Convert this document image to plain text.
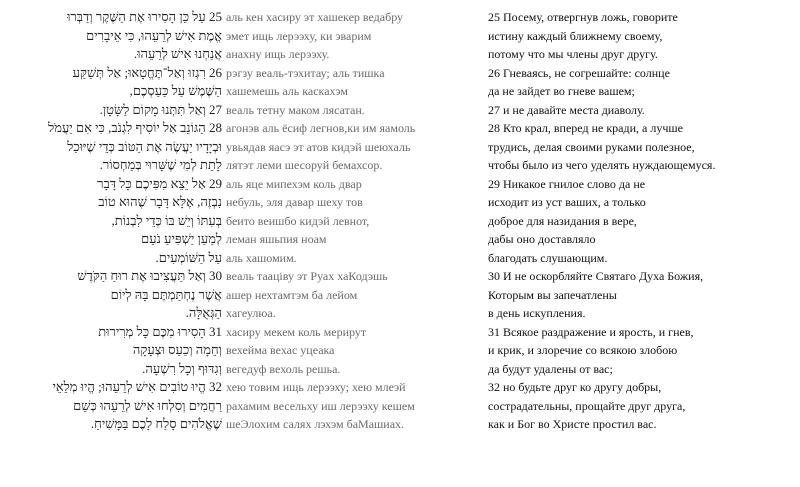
25 עַל כֵּן הָסִירוּ אֶת הַשֶּׁקֶר וְדַבְּרוּ
אֱמֶת אִישׁ לְרֵעֵהוּ, כִּי אֵיבָרִים
אֲנַחְנוּ אִישׁ לְרֵעֵהוּ.
26 רִגְזוּ וְאַל־תֶּחֱטָאוּ; אַל תְּשַׁקַּע
הַשֶּׁמֶשׁ עַל כַּעַסְכֶם,
27 וְאַל תִּתְּנוּ מָקוֹם לַשָּׂטָן.
28 הַגּוֹנֵב אַל יוֹסִיף לִגְנֹב, כִּי אִם יַעֲמֹל
וּבְיָדָיו יַעֲשֶׂה אֶת הַטּוֹב כְּדֵי שֶׁיּוּכַל
לָתֵת לְמִי שֶׁשָּׁרוּי בְּמַחְסוֹר.
29 אַל יֵצֵא מִפִּיכֶם כָּל דָּבָר
נִבְזֶה, אֶלָּא דָּבָר שֶׁהוּא טוֹב
בְּעִתּוֹ וְיֵשׁ בּוֹ כְּדֵי לִבְנוֹת,
לְמַעַן יַשְׁפִּיעַ נֹעַם
עַל הַשּׁוֹמְעִים.
30 וְאַל תַּעֲצִיבוּ אֶת רוּחַ הַקֹּדֶשׁ
אֲשֶׁר נֶחְתַּמְתֶּם בָּהּ לְיוֹם
הַגְּאֻלָּה.
31 הָסִירוּ מִכֶּם כָּל מְרִירוּת
וְחֵמָה וְכַעַס וּצְעָקָה
וְגִדּוּף וְכָל רִשְׁעָה.
32 הֱיוּ טוֹבִים אִישׁ לְרֵעֵהוּ; הֱיוּ מְלֵאֵי
רַחֲמִים וְסִלְחוּ אִישׁ לְרֵעֵהוּ כְּשֵׁם
שֶׁאֱלֹהִים סָלַח לָכֶם בַּמָּשִׁיחַ.
аль кен хасиру эт хашекер ведабру
эмет ищь лерээху, ки эварим
анахну ищь лерээху.
рэгзу веаль-тэхитау; аль тишка
хашемешь аль каскахэм
веаль тетну маком лясатан.
агонэв аль ёсиф легнов,ки им яамоль
увьядав яасэ эт атов кидэй шеюхаль
лятэт леми шесоруй бемахсор.
аль яце мипехэм коль двар
небуль, эля давар шеху тов
беито веишбо кидэй левнот,
леман яшьпия ноам
аль хашомим.
веаль тааціву эт Руах хаКодэшь
ашер нехтамтэм ба лейом
хагеулюа.
хасиру мекем коль мерирут
вехейма вехас уцеака
вегедуф вехоль решьа.
хею товим ищь лерээху; хею млеэй
рахамим весельху иш лерээху кешем
шеЭлохим салях лэхэм баМашиах.
25 Посему, отвергнув ложь, говорите
истину каждый ближнему своему,
потому что мы члены друг другу.
26 Гневаясь, не согрешайте: солнце
да не зайдет во гневе вашем;
27 и не давайте места диаволу.
28 Кто крал, вперед не кради, а лучше
трудись, делая своими руками полезное,
чтобы было из чего уделять нуждающемуся.
29 Никакое гнилое слово да не
исходит из уст ваших, а только
доброе для назидания в вере,
дабы оно доставляло
благодать слушающим.
30 И не оскорбляйте Святаго Духа Божия,
Которым вы запечатлены
в день искупления.
31 Всякое раздражение и ярость, и гнев,
и крик, и злоречие со всякою злобою
да будут удалены от вас;
32 но будьте друг ко другу добры,
сострадательны, прощайте друг друга,
как и Бог во Христе простил вас.
